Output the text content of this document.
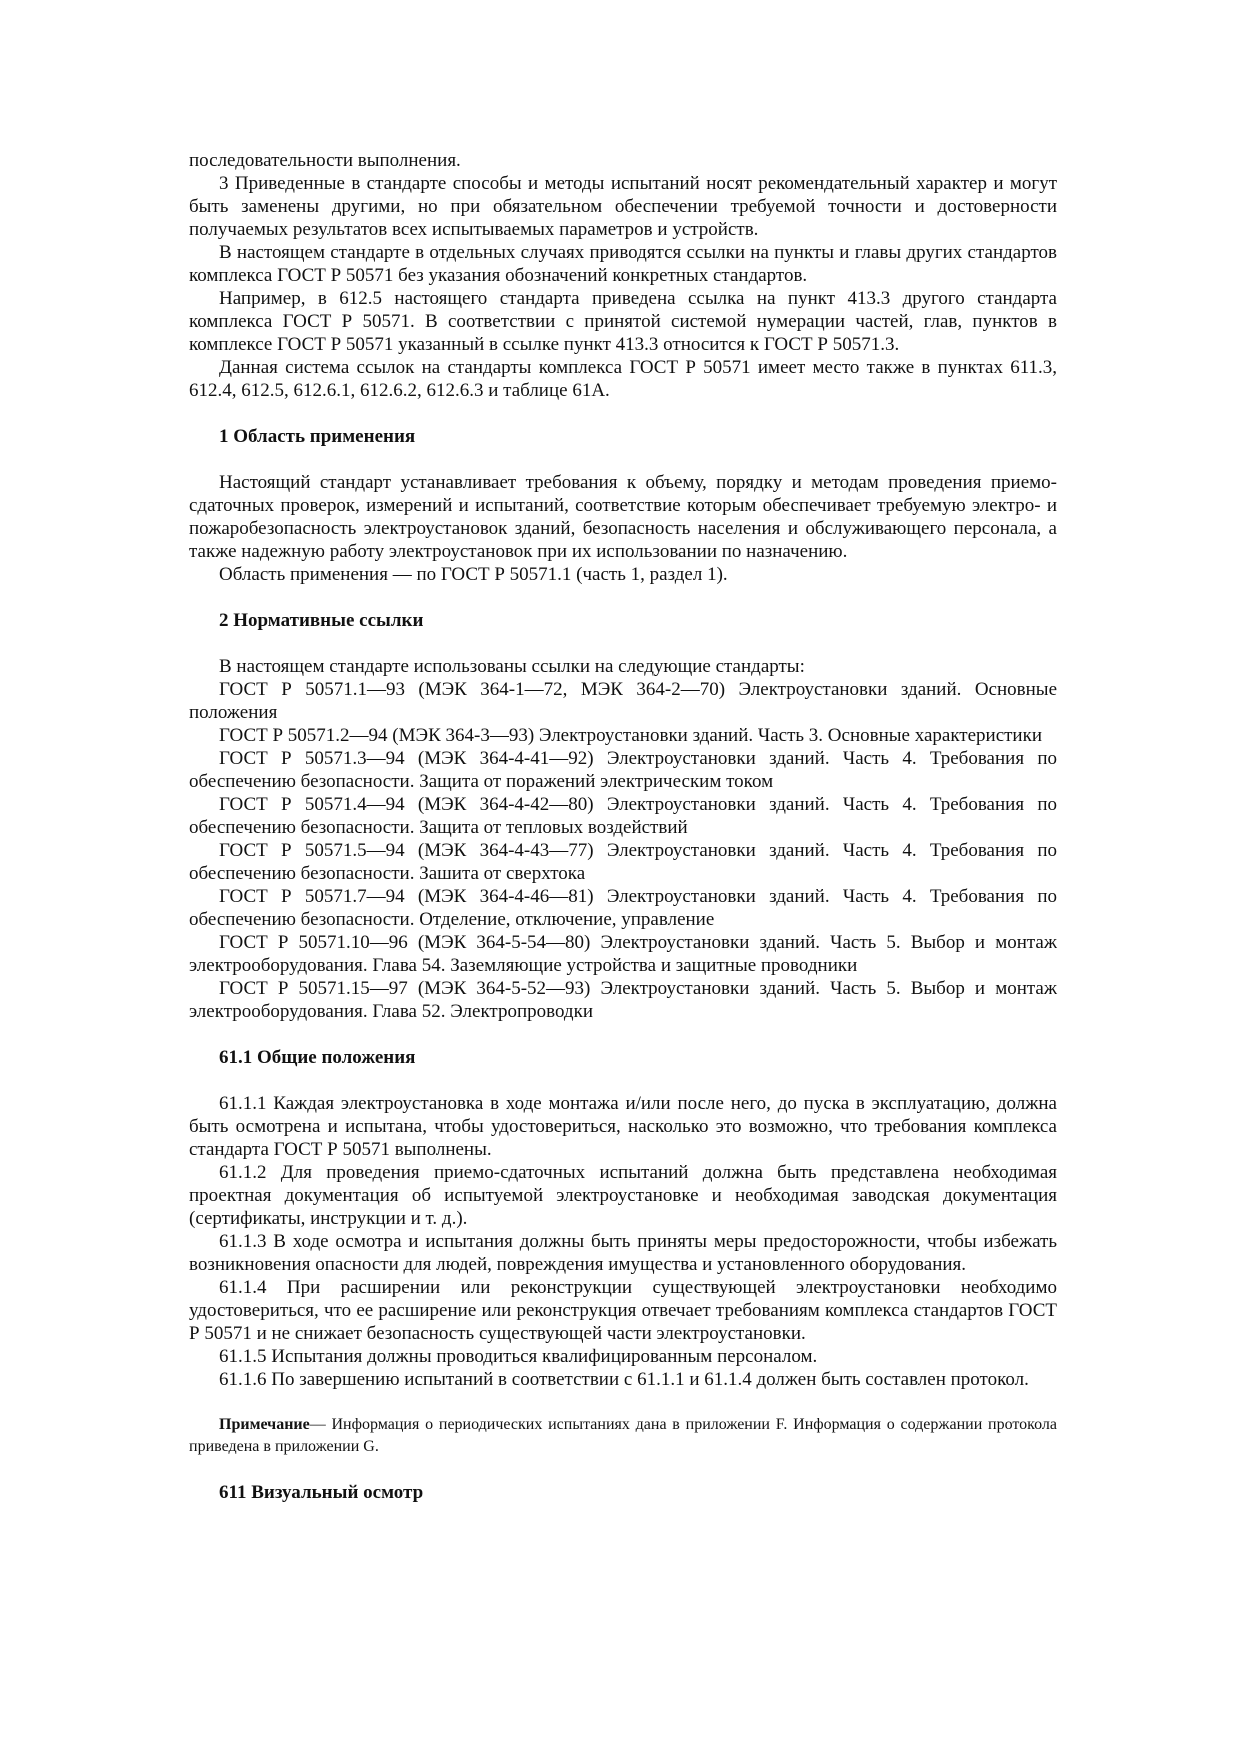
последовательности выполнения.

3 Приведенные в стандарте способы и методы испытаний носят рекомендательный характер и могут быть заменены другими, но при обязательном обеспечении требуемой точности и достоверности получаемых результатов всех испытываемых параметров и устройств.

В настоящем стандарте в отдельных случаях приводятся ссылки на пункты и главы других стандартов комплекса ГОСТ Р 50571 без указания обозначений конкретных стандартов.

Например, в 612.5 настоящего стандарта приведена ссылка на пункт 413.3 другого стандарта комплекса ГОСТ Р 50571. В соответствии с принятой системой нумерации частей, глав, пунктов в комплексе ГОСТ Р 50571 указанный в ссылке пункт 413.3 относится к ГОСТ Р 50571.3.

Данная система ссылок на стандарты комплекса ГОСТ Р 50571 имеет место также в пунктах 611.3, 612.4, 612.5, 612.6.1, 612.6.2, 612.6.3 и таблице 61А.

1 Область применения

Настоящий стандарт устанавливает требования к объему, порядку и методам проведения приемо-сдаточных проверок, измерений и испытаний, соответствие которым обеспечивает требуемую электро- и пожаробезопасность электроустановок зданий, безопасность населения и обслуживающего персонала, а также надежную работу электроустановок при их использовании по назначению.

Область применения — по ГОСТ Р 50571.1 (часть 1, раздел 1).

2 Нормативные ссылки

В настоящем стандарте использованы ссылки на следующие стандарты:

ГОСТ Р 50571.1—93 (МЭК 364-1—72, МЭК 364-2—70) Электроустановки зданий. Основные положения

ГОСТ Р 50571.2—94 (МЭК 364-3—93) Электроустановки зданий. Часть 3. Основные характеристики

ГОСТ Р 50571.3—94 (МЭК 364-4-41—92) Электроустановки зданий. Часть 4. Требования по обеспечению безопасности. Защита от поражений электрическим током

ГОСТ Р 50571.4—94 (МЭК 364-4-42—80) Электроустановки зданий. Часть 4. Требования по обеспечению безопасности. Защита от тепловых воздействий

ГОСТ Р 50571.5—94 (МЭК 364-4-43—77) Электроустановки зданий. Часть 4. Требования по обеспечению безопасности. Зашита от сверхтока

ГОСТ Р 50571.7—94 (МЭК 364-4-46—81) Электроустановки зданий. Часть 4. Требования по обеспечению безопасности. Отделение, отключение, управление

ГОСТ Р 50571.10—96 (МЭК 364-5-54—80) Электроустановки зданий. Часть 5. Выбор и монтаж электрооборудования. Глава 54. Заземляющие устройства и защитные проводники

ГОСТ Р 50571.15—97 (МЭК 364-5-52—93) Электроустановки зданий. Часть 5. Выбор и монтаж электрооборудования. Глава 52. Электропроводки

61.1 Общие положения

61.1.1 Каждая электроустановка в ходе монтажа и/или после него, до пуска в эксплуатацию, должна быть осмотрена и испытана, чтобы удостовериться, насколько это возможно, что требования комплекса стандарта ГОСТ Р 50571 выполнены.

61.1.2 Для проведения приемо-сдаточных испытаний должна быть представлена необходимая проектная документация об испытуемой электроустановке и необходимая заводская документация (сертификаты, инструкции и т. д.).

61.1.3 В ходе осмотра и испытания должны быть приняты меры предосторожности, чтобы избежать возникновения опасности для людей, повреждения имущества и установленного оборудования.

61.1.4 При расширении или реконструкции существующей электроустановки необходимо удостовериться, что ее расширение или реконструкция отвечает требованиям комплекса стандартов ГОСТ Р 50571 и не снижает безопасность существующей части электроустановки.

61.1.5 Испытания должны проводиться квалифицированным персоналом.

61.1.6 По завершению испытаний в соответствии с 61.1.1 и 61.1.4 должен быть составлен протокол.

Примечание— Информация о периодических испытаниях дана в приложении F. Информация о содержании протокола приведена в приложении G.

611 Визуальный осмотр
